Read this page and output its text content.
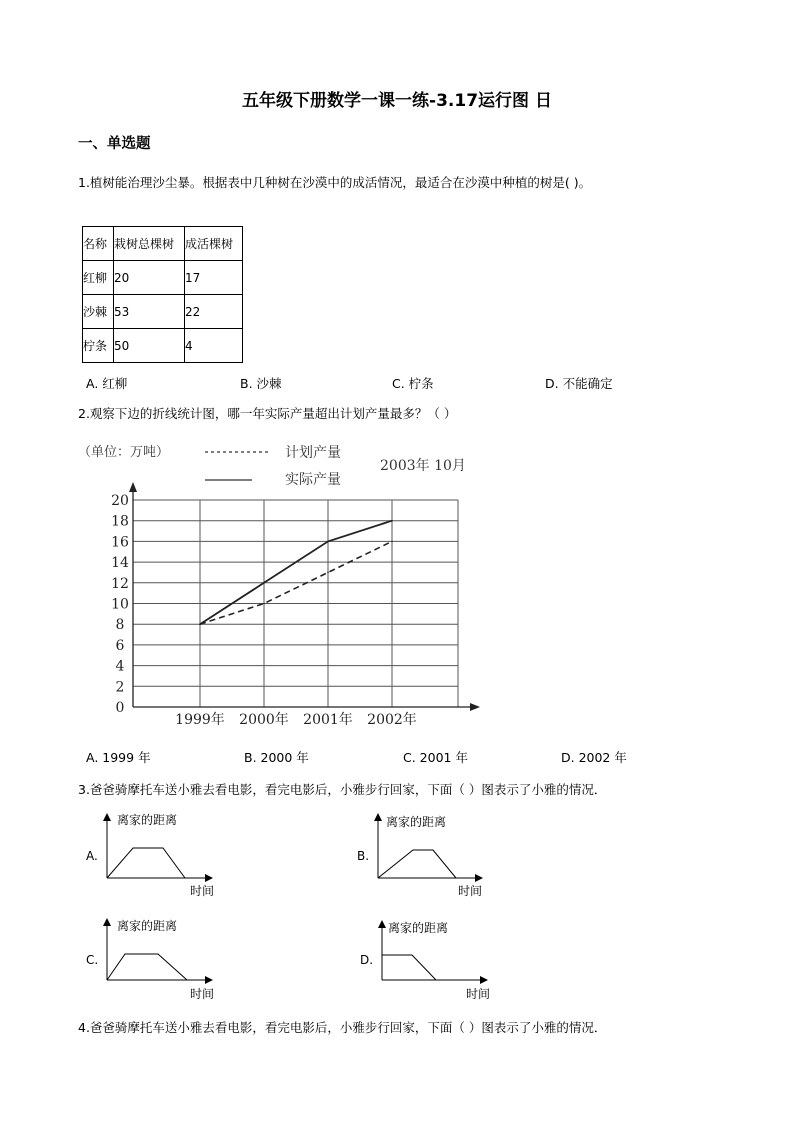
五年级下册数学一课一练-3.17运行图 日
一、单选题
1.植树能治理沙尘暴。根据表中几种树在沙漠中的成活情况，最适合在沙漠中种植的树是( )。
名称	栽树总棵树	成活棵树
红柳	20	17
沙棘	53	22
柠条	50	4
A. 红柳	B. 沙棘	C. 柠条	D. 不能确定
2.观察下边的折线统计图，哪一年实际产量超出计划产量最多？（ ）
（单位：万吨）	计划产量
实际产量
2003年 10月
0
2
4
6
8
10
12
14
16
18
20
1999年 2000年 2001年 2002年
A. 1999 年	B. 2000 年	C. 2001 年	D. 2002 年
3.爸爸骑摩托车送小雅去看电影，看完电影后，小雅步行回家，下面（ ）图表示了小雅的情况．
A.
离家的距离
时间
B.
离家的距离
时间
C.
离家的距离
时间
D.
离家的距离
时间
4.爸爸骑摩托车送小雅去看电影，看完电影后，小雅步行回家，下面（ ）图表示了小雅的情况．
